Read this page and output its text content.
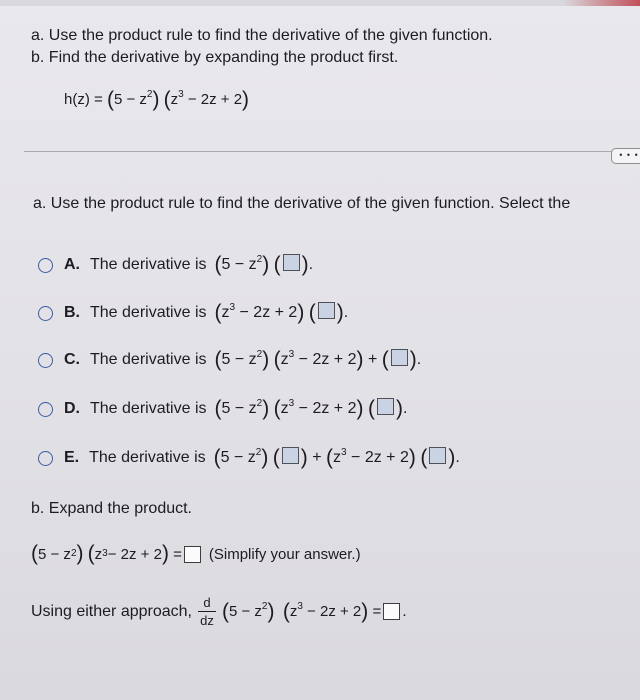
a. Use the product rule to find the derivative of the given function.
b. Find the derivative by expanding the product first.
$h(z) = (5 - z^2)$ $(z^3 - 2z + 2)$
• • •
a. Use the product rule to find the derivative of the given function. Select the
A. The derivative is $(5 - z^2)$ ( ).
B. The derivative is $(z^3 - 2z + 2)$ ( ).
C. The derivative is $(5 - z^2)$ $(z^3 - 2z + 2)$ + ( ).
D. The derivative is $(5 - z^2)$ $(z^3 - 2z + 2)$ ( ).
E. The derivative is $(5 - z^2)$ ( ) + $(z^3 - 2z + 2)$ ( ).
b. Expand the product.
( 5 − z 2 )
( z 3 − 2z + 2 )
= (Simplify your answer.)
Using either approach, $\frac{d}{dz} (5 - z^2) (z^3 - 2z + 2)$ = .
